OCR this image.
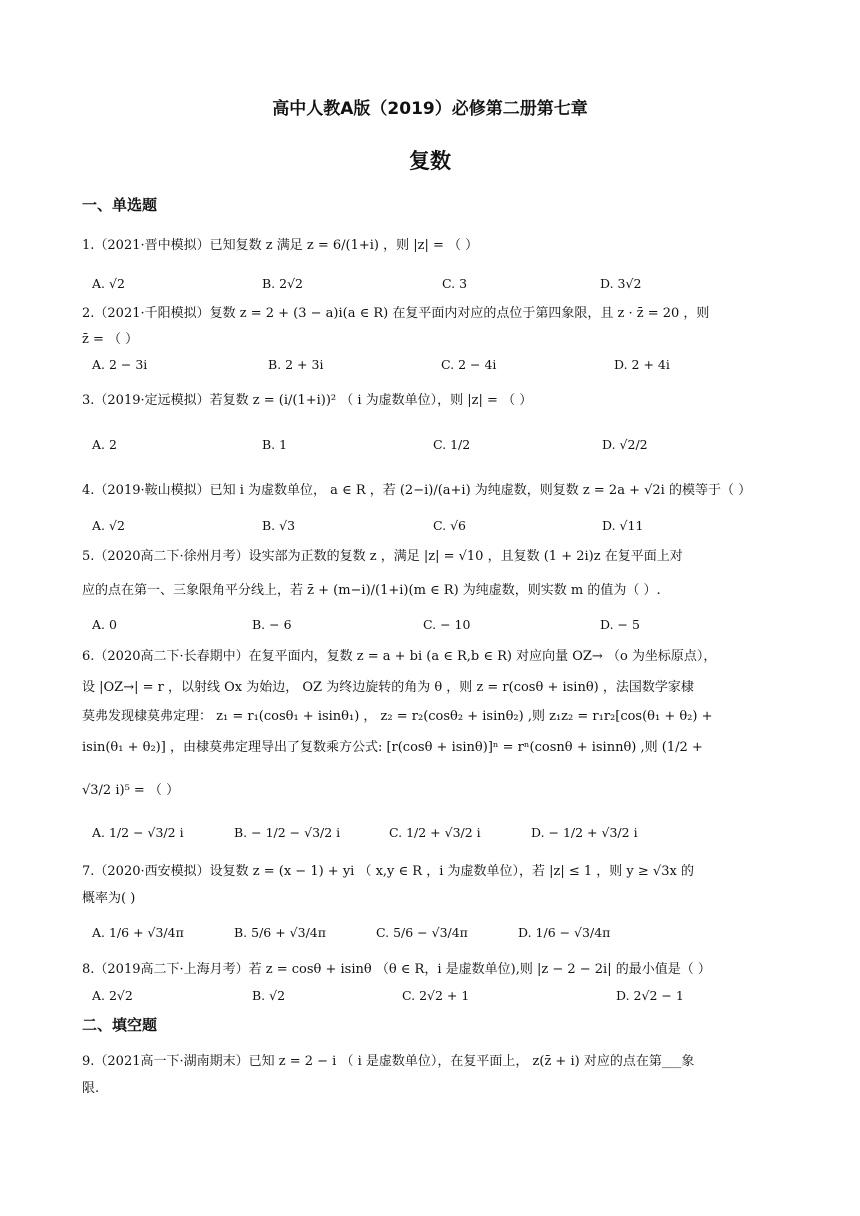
高中人教A版（2019）必修第二册第七章
复数
一、单选题
1.（2021·晋中模拟）已知复数 z 满足 z = 6/(1+i) ，则 |z| = （ ）
A. √2	B. 2√2	C. 3	D. 3√2
2.（2021·千阳模拟）复数 z = 2 + (3 − a)i(a ∈ R) 在复平面内对应的点位于第四象限，且 z · z̄ = 20 ，则
z̄ = （ ）
A. 2 − 3i	B. 2 + 3i	C. 2 − 4i	D. 2 + 4i
3.（2019·定远模拟）若复数 z = (i/(1+i))² （ i 为虚数单位），则 |z| = （ ）
A. 2	B. 1	C. 1/2	D. √2/2
4.（2019·鞍山模拟）已知 i 为虚数单位， a ∈ R ，若 (2−i)/(a+i) 为纯虚数，则复数 z = 2a + √2i 的模等于（ ）
A. √2	B. √3	C. √6	D. √11
5.（2020高二下·徐州月考）设实部为正数的复数 z ，满足 |z| = √10 ，且复数 (1 + 2i)z 在复平面上对
应的点在第一、三象限角平分线上，若 z̄ + (m−i)/(1+i)(m ∈ R) 为纯虚数，则实数 m 的值为（ ）.
A. 0	B. − 6	C. − 10	D. − 5
6.（2020高二下·长春期中）在复平面内，复数 z = a + bi (a ∈ R,b ∈ R) 对应向量 OZ→ （o 为坐标原点），
设 |OZ→| = r ，以射线 Ox 为始边， OZ 为终边旋转的角为 θ ，则 z = r(cosθ + isinθ) ，法国数学家棣
莫弗发现棣莫弗定理： z₁ = r₁(cosθ₁ + isinθ₁) ， z₂ = r₂(cosθ₂ + isinθ₂) ,则 z₁z₂ = r₁r₂[cos(θ₁ + θ₂) +
isin(θ₁ + θ₂)] ，由棣莫弗定理导出了复数乘方公式: [r(cosθ + isinθ)]ⁿ = rⁿ(cosnθ + isinnθ) ,则 (1/2 +
√3/2 i)⁵ = （ ）
A. 1/2 − √3/2 i	B. − 1/2 − √3/2 i	C. 1/2 + √3/2 i	D. − 1/2 + √3/2 i
7.（2020·西安模拟）设复数 z = (x − 1) + yi （ x,y ∈ R ，i 为虚数单位），若 |z| ≤ 1 ，则 y ≥ √3x 的
概率为( )
A. 1/6 + √3/4π	B. 5/6 + √3/4π	C. 5/6 − √3/4π	D. 1/6 − √3/4π
8.（2019高二下·上海月考）若 z = cosθ + isinθ （θ ∈ R，i 是虚数单位),则 |z − 2 − 2i| 的最小值是（ ）
A. 2√2	B. √2	C. 2√2 + 1	D. 2√2 − 1
二、填空题
9.（2021高一下·湖南期末）已知 z = 2 − i （ i 是虚数单位），在复平面上， z(z̄ + i) 对应的点在第___象
限.
